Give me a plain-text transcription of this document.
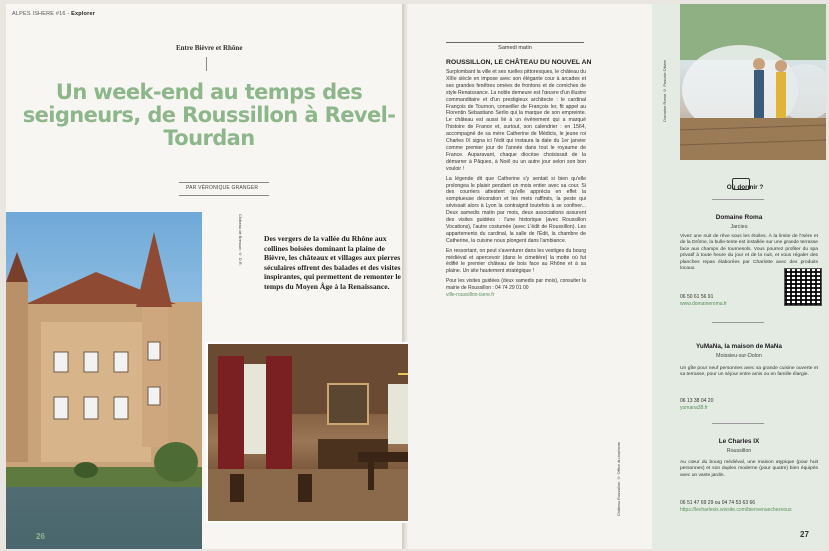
ALPES ISHERE #16 - Explorer
Entre Bièvre et Rhône
Un week-end au temps des seigneurs, de Roussillon à Revel-Tourdan
PAR VÉRONIQUE GRANGER
Château de Bresson © D.R.	Des vergers de la vallée du Rhône aux collines boisées dominant la plaine de Bièvre, les châteaux et villages aux pierres séculaires offrent des balades et des visites inspirantes, qui permettent de remonter le temps du Moyen Âge à la Renaissance.
26
Samedi matin
ROUSSILLON, LE CHÂTEAU DU NOUVEL AN

Surplombant la ville et ses ruelles pittoresques, le château du XIIIe siècle en impose avec son élégante cour à arcades et ses grandes fenêtres ornées de frontons et de corniches de style Renaissance. La noble demeure est l'œuvre d'un illustre commanditaire et d'un prestigieux architecte : le cardinal François de Tournon, conseiller de François Ier, fit appel au Florentin Sebastiano Serlio qui la marque de son empreinte. Le château est aussi lié à un événement qui a marqué l'histoire de France et, surtout, son calendrier : en 1564, accompagné de sa mère Catherine de Médicis, le jeune roi Charles IX signa ici l'édit qui instaura la date du 1er janvier comme premier jour de l'année dans tout le royaume de France. Auparavant, chaque diocèse choisissait de la démarrer à Pâques, à Noël ou un autre jour selon son bon vouloir !

La légende dit que Catherine s'y sentait si bien qu'elle prolongea le plaisir pendant un mois entier avec sa cour. Si des courriers attestent qu'elle apprécia en effet la somptueuse décoration et les mets raffinés, la peste qui sévissait alors à Lyon la contraignit toutefois à se confiner... Deux samedis matin par mois, deux associations assurent des visites guidées : l'une historique (avec Roussillon Vocations), l'autre costumée (avec L'édit de Roussillon). Les appartements du cardinal, la salle de l'Édit, la chambre de Catherine, la cuisine nous plongent dans l'ambiance.

En ressortant, on peut s'aventurer dans les vestiges du bourg médiéval et apercevoir (dans le cimetière) la motte où fut édifié le premier château de bois face au Rhône et à sa plaine. Un site hautement stratégique !

Pour les visites guidées (deux samedis par mois), consulter la mairie de Roussillon : 04 74 29 01 00
ville-roussillon-isere.fr
Château Roussillon © Office du tourisme
Domaine Roma © Pascale Olivier
Où dormir ?
Domaine Roma
Jarcieu
Vivez une nuit de rêve sous les étoiles. À la limite de l'Isère et de la Drôme, la bulle-tente est installée sur une grande terrasse face aux champs de tournesols. Vous pourrez profiter du spa privatif à toute heure du jour et de la nuit, et vous régaler des planches repas élaborées par Charlotte avec des produits locaux.
06 50 61 56 91
www.domaineroma.fr
YuMaNa, la maison de MaNa
Moissieu-sur-Dolon
Un gîte pour neuf personnes avec sa grande cuisine ouverte et sa terrasse, pour un séjour entre amis ou en famille élargie.
06 13 38 04 20
yumana38.fr
Le Charles IX
Roussillon
Au cœur du bourg médiéval, une maison atypique (pour huit personnes) et son duplex moderne (pour quatre) bien équipés avec un vaste jardin.
06 51 47 69 29 ou 04 74 53 63 66
https://lecharlesix.wixsite.com/bienvenuechezvous
27
